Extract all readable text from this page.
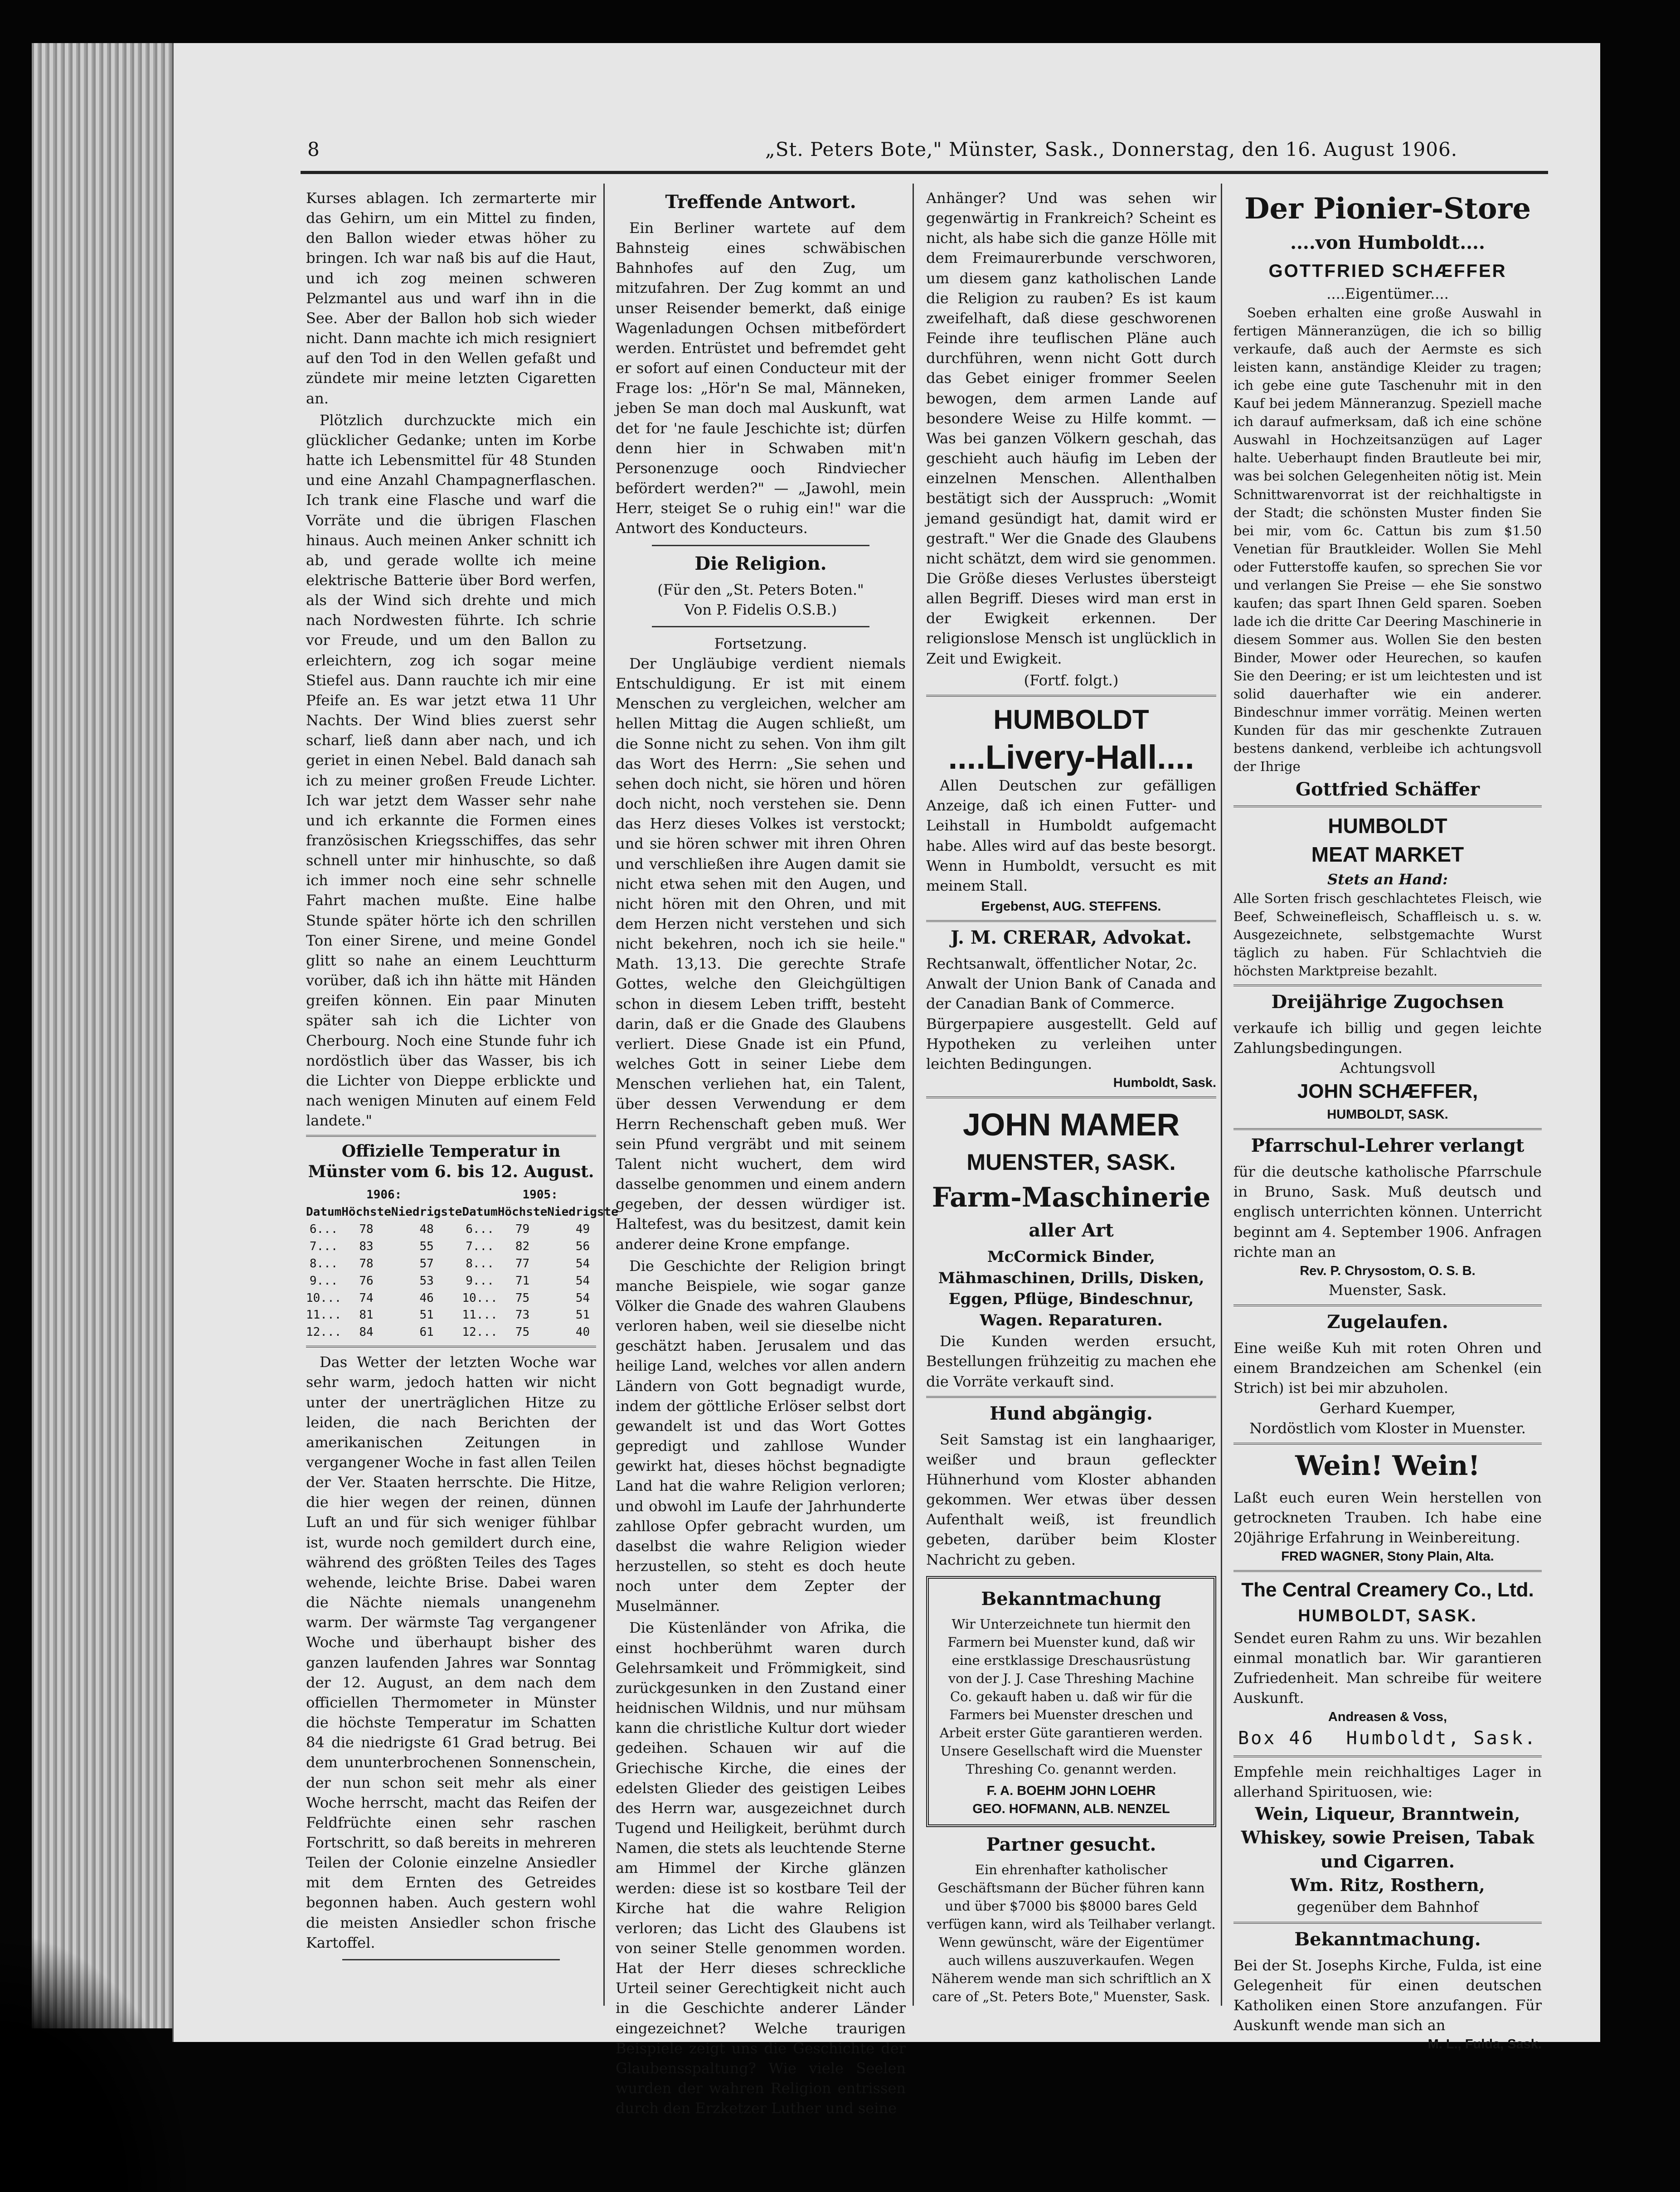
8	„St. Peters Bote," Münster, Sask., Donnerstag, den 16. August 1906.

Kurses ablagen. Ich zermarterte mir das Gehirn, um ein Mittel zu finden, den Ballon wieder etwas höher zu bringen. Ich war naß bis auf die Haut, und ich zog meinen schweren Pelzmantel aus und warf ihn in die See. Aber der Ballon hob sich wieder nicht. Dann machte ich mich resigniert auf den Tod in den Wellen gefaßt und zündete mir meine letzten Cigaretten an.

Plötzlich durchzuckte mich ein glücklicher Gedanke; unten im Korbe hatte ich Lebensmittel für 48 Stunden und eine Anzahl Champagnerflaschen. Ich trank eine Flasche und warf die Vorräte und die übrigen Flaschen hinaus. Auch meinen Anker schnitt ich ab, und gerade wollte ich meine elektrische Batterie über Bord werfen, als der Wind sich drehte und mich nach Nordwesten führte. Ich schrie vor Freude, und um den Ballon zu erleichtern, zog ich sogar meine Stiefel aus. Dann rauchte ich mir eine Pfeife an. Es war jetzt etwa 11 Uhr Nachts. Der Wind blies zuerst sehr scharf, ließ dann aber nach, und ich geriet in einen Nebel. Bald danach sah ich zu meiner großen Freude Lichter. Ich war jetzt dem Wasser sehr nahe und ich erkannte die Formen eines französischen Kriegsschiffes, das sehr schnell unter mir hinhuschte, so daß ich immer noch eine sehr schnelle Fahrt machen mußte. Eine halbe Stunde später hörte ich den schrillen Ton einer Sirene, und meine Gondel glitt so nahe an einem Leuchtturm vorüber, daß ich ihn hätte mit Händen greifen können. Ein paar Minuten später sah ich die Lichter von Cherbourg. Noch eine Stunde fuhr ich nordöstlich über das Wasser, bis ich die Lichter von Dieppe erblickte und nach wenigen Minuten auf einem Feld landete."

Offizielle Temperatur in Münster vom 6. bis 12. August.
1906:			1905:		
Datum	Höchste	Niedrigste	Datum	Höchste	Niedrigste
6...	78	48	6...	79	49
7...	83	55	7...	82	56
8...	78	57	8...	77	54
9...	76	53	9...	71	54
10...	74	46	10...	75	54
11...	81	51	11...	73	51
12...	84	61	12...	75	40

Das Wetter der letzten Woche war sehr warm, jedoch hatten wir nicht unter der unerträglichen Hitze zu leiden, die nach Berichten der amerikanischen Zeitungen in vergangener Woche in fast allen Teilen der Ver. Staaten herrschte. Die Hitze, die hier wegen der reinen, dünnen Luft an und für sich weniger fühlbar ist, wurde noch gemildert durch eine, während des größten Teiles des Tages wehende, leichte Brise. Dabei waren die Nächte niemals unangenehm warm. Der wärmste Tag vergangener Woche und überhaupt bisher des ganzen laufenden Jahres war Sonntag der 12. August, an dem nach dem officiellen Thermometer in Münster die höchste Temperatur im Schatten 84 die niedrigste 61 Grad betrug. Bei dem ununterbrochenen Sonnenschein, der nun schon seit mehr als einer Woche herrscht, macht das Reifen der Feldfrüchte einen sehr raschen Fortschritt, so daß bereits in mehreren Teilen der Colonie einzelne Ansiedler mit dem Ernten des Getreides begonnen haben. Auch gestern wohl die meisten Ansiedler schon frische Kartoffel.

Treffende Antwort.

Ein Berliner wartete auf dem Bahnsteig eines schwäbischen Bahnhofes auf den Zug, um mitzufahren. Der Zug kommt an und unser Reisender bemerkt, daß einige Wagenladungen Ochsen mitbefördert werden. Entrüstet und befremdet geht er sofort auf einen Conducteur mit der Frage los: „Hör'n Se mal, Männeken, jeben Se man doch mal Auskunft, wat det for 'ne faule Jeschichte ist; dürfen denn hier in Schwaben mit'n Personenzuge ooch Rindviecher befördert werden?" — „Jawohl, mein Herr, steiget Se o ruhig ein!" war die Antwort des Konducteurs.

Die Religion.
(Für den „St. Peters Boten."
Von P. Fidelis O.S.B.)
Fortsetzung.

Der Ungläubige verdient niemals Entschuldigung. Er ist mit einem Menschen zu vergleichen, welcher am hellen Mittag die Augen schließt, um die Sonne nicht zu sehen. Von ihm gilt das Wort des Herrn: „Sie sehen und sehen doch nicht, sie hören und hören doch nicht, noch verstehen sie. Denn das Herz dieses Volkes ist verstockt; und sie hören schwer mit ihren Ohren und verschließen ihre Augen damit sie nicht etwa sehen mit den Augen, und nicht hören mit den Ohren, und mit dem Herzen nicht verstehen und sich nicht bekehren, noch ich sie heile." Math. 13,13. Die gerechte Strafe Gottes, welche den Gleichgültigen schon in diesem Leben trifft, besteht darin, daß er die Gnade des Glaubens verliert. Diese Gnade ist ein Pfund, welches Gott in seiner Liebe dem Menschen verliehen hat, ein Talent, über dessen Verwendung er dem Herrn Rechenschaft geben muß. Wer sein Pfund vergräbt und mit seinem Talent nicht wuchert, dem wird dasselbe genommen und einem andern gegeben, der dessen würdiger ist. Haltefest, was du besitzest, damit kein anderer deine Krone empfange.

Die Geschichte der Religion bringt manche Beispiele, wie sogar ganze Völker die Gnade des wahren Glaubens verloren haben, weil sie dieselbe nicht geschätzt haben. Jerusalem und das heilige Land, welches vor allen andern Ländern von Gott begnadigt wurde, indem der göttliche Erlöser selbst dort gewandelt ist und das Wort Gottes gepredigt und zahllose Wunder gewirkt hat, dieses höchst begnadigte Land hat die wahre Religion verloren; und obwohl im Laufe der Jahrhunderte zahllose Opfer gebracht wurden, um daselbst die wahre Religion wieder herzustellen, so steht es doch heute noch unter dem Zepter der Muselmänner.

Die Küstenländer von Afrika, die einst hochberühmt waren durch Gelehrsamkeit und Frömmigkeit, sind zurückgesunken in den Zustand einer heidnischen Wildnis, und nur mühsam kann die christliche Kultur dort wieder gedeihen. Schauen wir auf die Griechische Kirche, die eines der edelsten Glieder des geistigen Leibes des Herrn war, ausgezeichnet durch Tugend und Heiligkeit, berühmt durch Namen, die stets als leuchtende Sterne am Himmel der Kirche glänzen werden: diese ist so kostbare Teil der Kirche hat die wahre Religion verloren; das Licht des Glaubens ist von seiner Stelle genommen worden. Hat der Herr dieses schreckliche Urteil seiner Gerechtigkeit nicht auch in die Geschichte anderer Länder eingezeichnet? Welche traurigen Beispiele zeigt uns die Geschichte der Glaubensspaltung? Wie viele Seelen wurden der wahren Religion entrissen durch den Erzketzer Luther und seine

Anhänger? Und was sehen wir gegenwärtig in Frankreich? Scheint es nicht, als habe sich die ganze Hölle mit dem Freimaurerbunde verschworen, um diesem ganz katholischen Lande die Religion zu rauben? Es ist kaum zweifelhaft, daß diese geschworenen Feinde ihre teuflischen Pläne auch durchführen, wenn nicht Gott durch das Gebet einiger frommer Seelen bewogen, dem armen Lande auf besondere Weise zu Hilfe kommt. — Was bei ganzen Völkern geschah, das geschieht auch häufig im Leben der einzelnen Menschen. Allenthalben bestätigt sich der Ausspruch: „Womit jemand gesündigt hat, damit wird er gestraft." Wer die Gnade des Glaubens nicht schätzt, dem wird sie genommen. Die Größe dieses Verlustes übersteigt allen Begriff. Dieses wird man erst in der Ewigkeit erkennen. Der religionslose Mensch ist unglücklich in Zeit und Ewigkeit.

(Fortf. folgt.)
HUMBOLDT
....Livery-Hall....

Allen Deutschen zur gefälligen Anzeige, daß ich einen Futter- und Leihstall in Humboldt aufgemacht habe. Alles wird auf das beste besorgt. Wenn in Humboldt, versucht es mit meinem Stall.

Ergebenst, AUG. STEFFENS.
J. M. CRERAR, Advokat.
Rechtsanwalt, öffentlicher Notar, 2c.
Anwalt der Union Bank of Canada and der Canadian Bank of Commerce.
Bürgerpapiere ausgestellt. Geld auf Hypotheken zu verleihen unter leichten Bedingungen.
Humboldt, Sask.
JOHN MAMER
MUENSTER, SASK.
Farm-Maschinerie
aller Art
McCormick Binder, Mähmaschinen, Drills, Disken, Eggen, Pflüge, Bindeschnur, Wagen. Reparaturen.

Die Kunden werden ersucht, Bestellungen frühzeitig zu machen ehe die Vorräte verkauft sind.

Hund abgängig.

Seit Samstag ist ein langhaariger, weißer und braun gefleckter Hühnerhund vom Kloster abhanden gekommen. Wer etwas über dessen Aufenthalt weiß, ist freundlich gebeten, darüber beim Kloster Nachricht zu geben.

Bekanntmachung
Wir Unterzeichnete tun hiermit den Farmern bei Muenster kund, daß wir eine erstklassige Dreschausrüstung von der J. J. Case Threshing Machine Co. gekauft haben u. daß wir für die Farmers bei Muenster dreschen und Arbeit erster Güte garantieren werden. Unsere Gesellschaft wird die Muenster Threshing Co. genannt werden.
F. A. BOEHM JOHN LOEHR
GEO. HOFMANN, ALB. NENZEL
Partner gesucht.
Ein ehrenhafter katholischer Geschäftsmann der Bücher führen kann und über $7000 bis $8000 bares Geld verfügen kann, wird als Teilhaber verlangt. Wenn gewünscht, wäre der Eigentümer auch willens auszuverkaufen. Wegen Näherem wende man sich schriftlich an X care of „St. Peters Bote," Muenster, Sask.
Der Pionier-Store
....von Humboldt....
GOTTFRIED SCHÆFFER
....Eigentümer....

Soeben erhalten eine große Auswahl in fertigen Männeranzügen, die ich so billig verkaufe, daß auch der Aermste es sich leisten kann, anständige Kleider zu tragen; ich gebe eine gute Taschenuhr mit in den Kauf bei jedem Männeranzug. Speziell mache ich darauf aufmerksam, daß ich eine schöne Auswahl in Hochzeitsanzügen auf Lager halte. Ueberhaupt finden Brautleute bei mir, was bei solchen Gelegenheiten nötig ist. Mein Schnittwarenvorrat ist der reichhaltigste in der Stadt; die schönsten Muster finden Sie bei mir, vom 6c. Cattun bis zum $1.50 Venetian für Brautkleider. Wollen Sie Mehl oder Futterstoffe kaufen, so sprechen Sie vor und verlangen Sie Preise — ehe Sie sonstwo kaufen; das spart Ihnen Geld sparen. Soeben lade ich die dritte Car Deering Maschinerie in diesem Sommer aus. Wollen Sie den besten Binder, Mower oder Heurechen, so kaufen Sie den Deering; er ist um leichtesten und ist solid dauerhafter wie ein anderer. Bindeschnur immer vorrätig. Meinen werten Kunden für das mir geschenkte Zutrauen bestens dankend, verbleibe ich achtungsvoll der Ihrige

Gottfried Schäffer
HUMBOLDT
MEAT MARKET
Stets an Hand:
Alle Sorten frisch geschlachtetes Fleisch, wie Beef, Schweinefleisch, Schaffleisch u. s. w. Ausgezeichnete, selbstgemachte Wurst täglich zu haben. Für Schlachtvieh die höchsten Marktpreise bezahlt.
Dreijährige Zugochsen
verkaufe ich billig und gegen leichte Zahlungsbedingungen.
Achtungsvoll
JOHN SCHÆFFER,
HUMBOLDT, SASK.
Pfarrschul-Lehrer verlangt
für die deutsche katholische Pfarrschule in Bruno, Sask. Muß deutsch und englisch unterrichten können. Unterricht beginnt am 4. September 1906. Anfragen richte man an
Rev. P. Chrysostom, O. S. B.
Muenster, Sask.
Zugelaufen.
Eine weiße Kuh mit roten Ohren und einem Brandzeichen am Schenkel (ein Strich) ist bei mir abzuholen.
Gerhard Kuemper,
Nordöstlich vom Kloster in Muenster.
Wein! Wein!
Laßt euch euren Wein herstellen von getrockneten Trauben. Ich habe eine 20jährige Erfahrung in Weinbereitung.
FRED WAGNER, Stony Plain, Alta.
The Central Creamery Co., Ltd.
HUMBOLDT, SASK.
Sendet euren Rahm zu uns. Wir bezahlen einmal monatlich bar. Wir garantieren Zufriedenheit. Man schreibe für weitere Auskunft.
Andreasen & Voss,
Box 46 Humboldt, Sask.
Empfehle mein reichhaltiges Lager in allerhand Spirituosen, wie:
Wein, Liqueur, Branntwein, Whiskey, sowie Preisen, Tabak und Cigarren.
Wm. Ritz, Rosthern,
gegenüber dem Bahnhof
Bekanntmachung.
Bei der St. Josephs Kirche, Fulda, ist eine Gelegenheit für einen deutschen Katholiken einen Store anzufangen. Für Auskunft wende man sich an
M. L., Fulda, Sask.
